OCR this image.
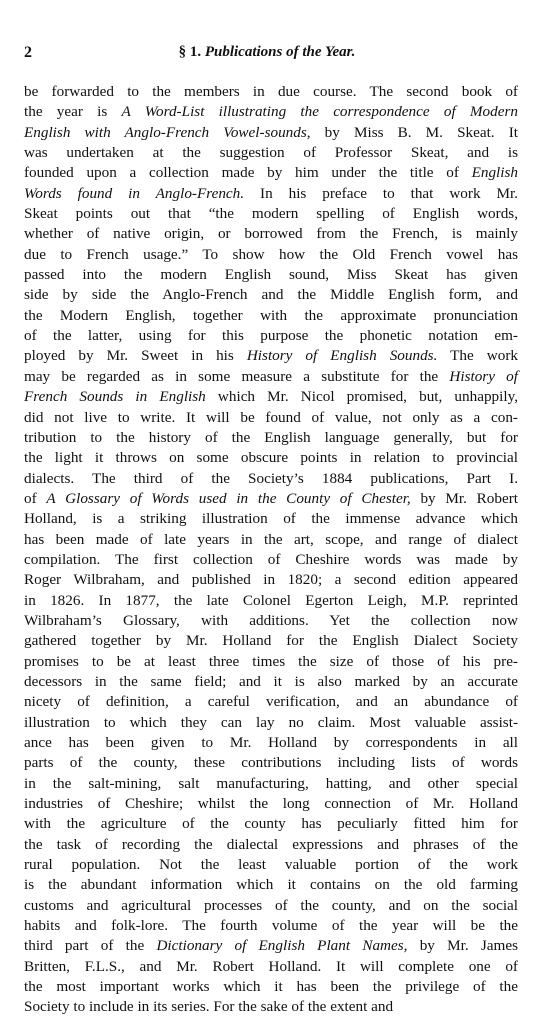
2	§ 1. Publications of the Year.
be forwarded to the members in due course. The second book of
the year is A Word-List illustrating the correspondence of Modern
English with Anglo-French Vowel-sounds, by Miss B. M. Skeat. It
was undertaken at the suggestion of Professor Skeat, and is
founded upon a collection made by him under the title of English
Words found in Anglo-French. In his preface to that work Mr.
Skeat points out that “the modern spelling of English words,
whether of native origin, or borrowed from the French, is mainly
due to French usage.” To show how the Old French vowel has
passed into the modern English sound, Miss Skeat has given
side by side the Anglo-French and the Middle English form, and
the Modern English, together with the approximate pronunciation
of the latter, using for this purpose the phonetic notation em-
ployed by Mr. Sweet in his History of English Sounds. The work
may be regarded as in some measure a substitute for the History of
French Sounds in English which Mr. Nicol promised, but, unhappily,
did not live to write. It will be found of value, not only as a con-
tribution to the history of the English language generally, but for
the light it throws on some obscure points in relation to provincial
dialects. The third of the Society’s 1884 publications, Part I.
of A Glossary of Words used in the County of Chester, by Mr. Robert
Holland, is a striking illustration of the immense advance which
has been made of late years in the art, scope, and range of dialect
compilation. The first collection of Cheshire words was made by
Roger Wilbraham, and published in 1820; a second edition appeared
in 1826. In 1877, the late Colonel Egerton Leigh, M.P. reprinted
Wilbraham’s Glossary, with additions. Yet the collection now
gathered together by Mr. Holland for the English Dialect Society
promises to be at least three times the size of those of his pre-
decessors in the same field; and it is also marked by an accurate
nicety of definition, a careful verification, and an abundance of
illustration to which they can lay no claim. Most valuable assist-
ance has been given to Mr. Holland by correspondents in all
parts of the county, these contributions including lists of words
in the salt-mining, salt manufacturing, hatting, and other special
industries of Cheshire; whilst the long connection of Mr. Holland
with the agriculture of the county has peculiarly fitted him for
the task of recording the dialectal expressions and phrases of the
rural population. Not the least valuable portion of the work
is the abundant information which it contains on the old farming
customs and agricultural processes of the county, and on the social
habits and folk-lore. The fourth volume of the year will be the
third part of the Dictionary of English Plant Names, by Mr. James
Britten, F.L.S., and Mr. Robert Holland. It will complete one of
the most important works which it has been the privilege of the
Society to include in its series. For the sake of the extent and
